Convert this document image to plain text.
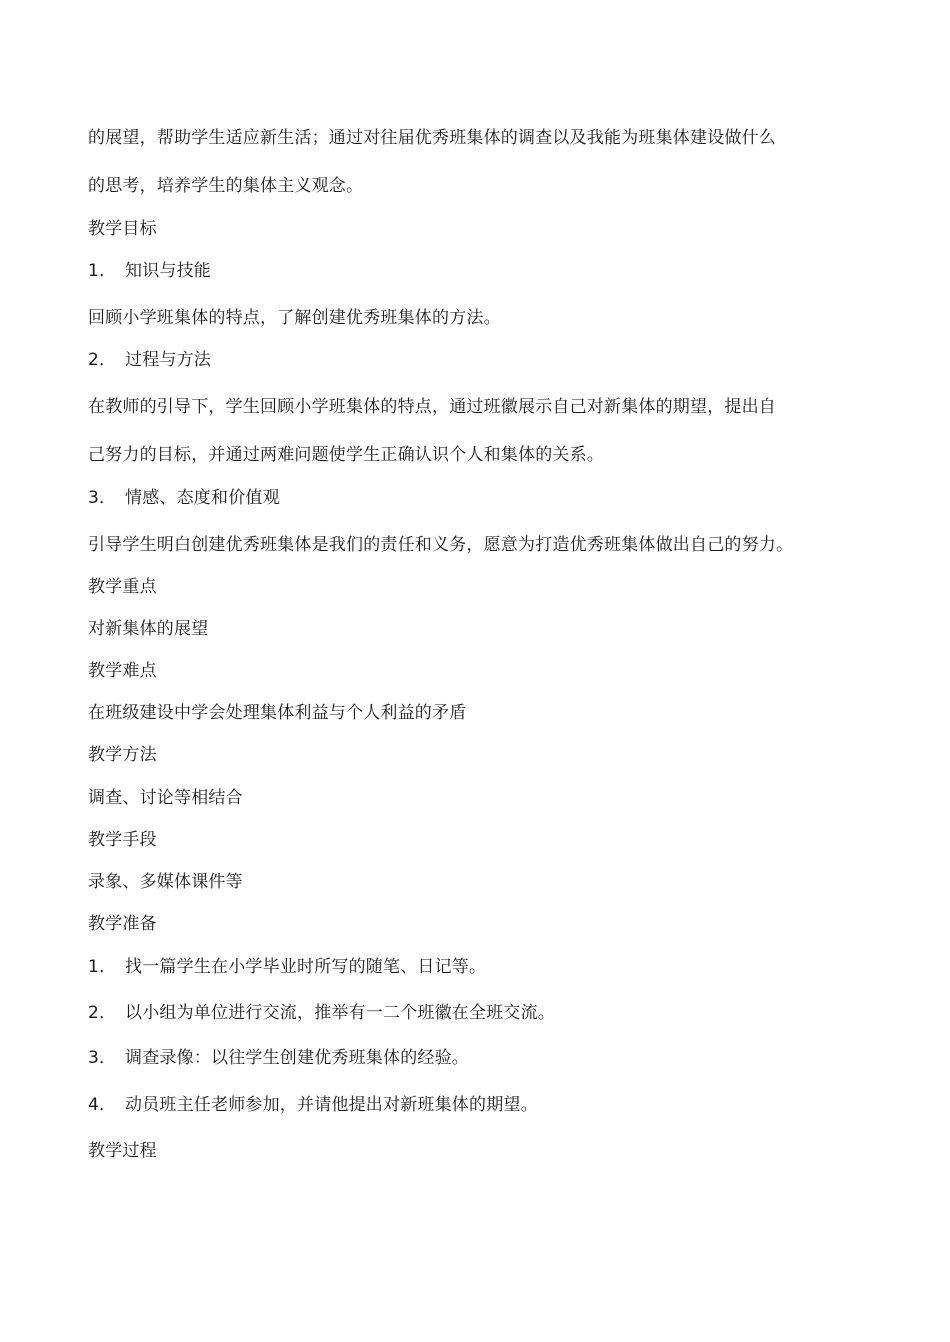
的展望，帮助学生适应新生活；通过对往届优秀班集体的调查以及我能为班集体建设做什么
的思考，培养学生的集体主义观念。
教学目标
1． 知识与技能
回顾小学班集体的特点，了解创建优秀班集体的方法。
2． 过程与方法
在教师的引导下，学生回顾小学班集体的特点，通过班徽展示自己对新集体的期望，提出自
己努力的目标，并通过两难问题使学生正确认识个人和集体的关系。
3． 情感、态度和价值观
引导学生明白创建优秀班集体是我们的责任和义务，愿意为打造优秀班集体做出自己的努力。
教学重点
对新集体的展望
教学难点
在班级建设中学会处理集体利益与个人利益的矛盾
教学方法
调查、讨论等相结合
教学手段
录象、多媒体课件等
教学准备
1． 找一篇学生在小学毕业时所写的随笔、日记等。
2． 以小组为单位进行交流，推举有一二个班徽在全班交流。
3． 调查录像：以往学生创建优秀班集体的经验。
4． 动员班主任老师参加，并请他提出对新班集体的期望。
教学过程
